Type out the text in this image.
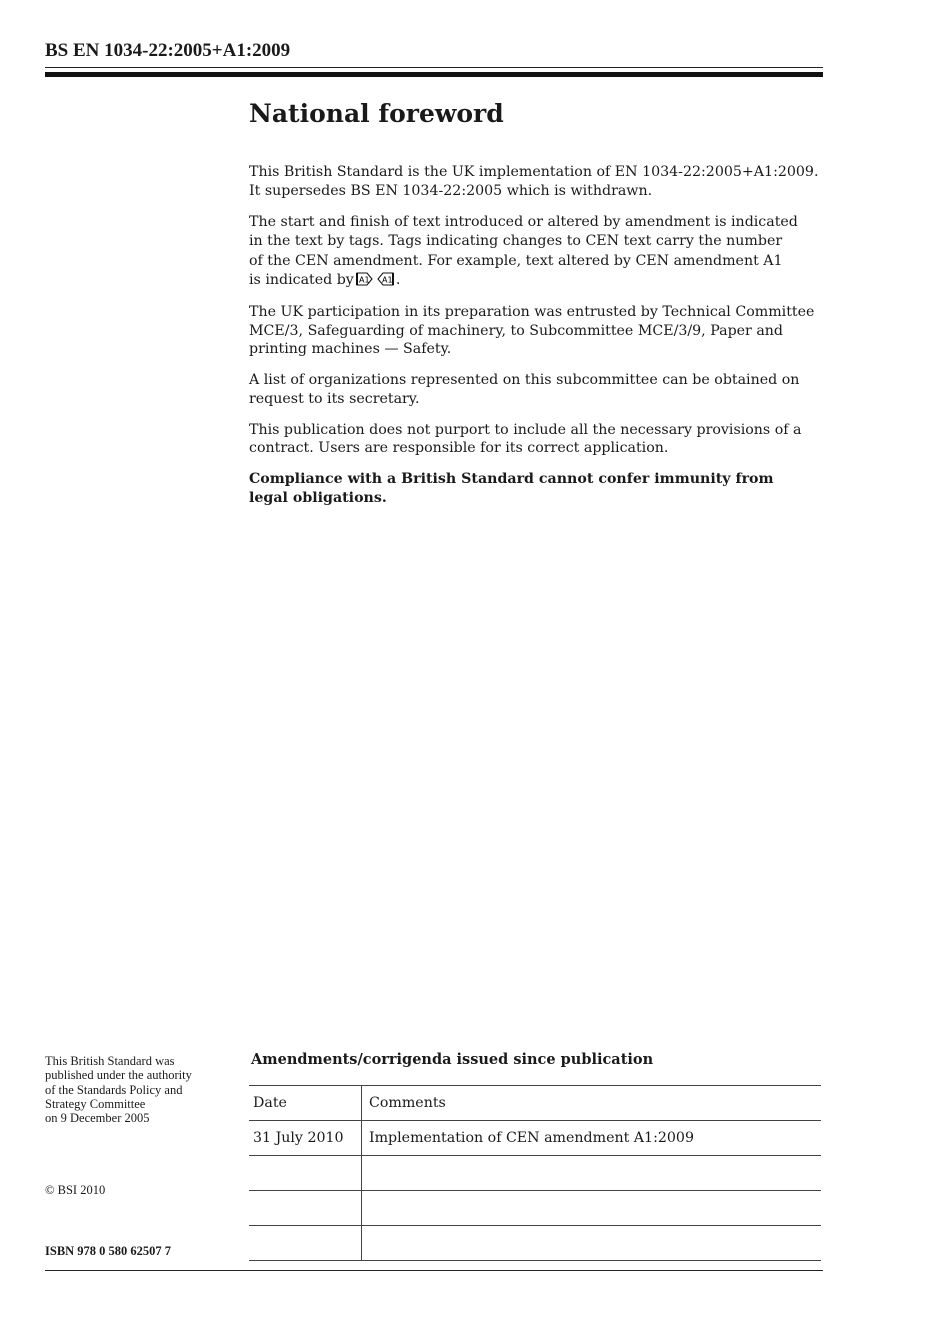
BS EN 1034-22:2005+A1:2009
National foreword

This British Standard is the UK implementation of EN 1034-22:2005+A1:2009.
It supersedes BS EN 1034-22:2005 which is withdrawn.

The start and finish of text introduced or altered by amendment is indicated
in the text by tags. Tags indicating changes to CEN text carry the number
of the CEN amendment. For example, text altered by CEN amendment A1
is indicated by A1 A1 .

The UK participation in its preparation was entrusted by Technical Committee
MCE/3, Safeguarding of machinery, to Subcommittee MCE/3/9, Paper and
printing machines — Safety.

A list of organizations represented on this subcommittee can be obtained on
request to its secretary.

This publication does not purport to include all the necessary provisions of a
contract. Users are responsible for its correct application.

Compliance with a British Standard cannot confer immunity from
legal obligations.

This British Standard was
published under the authority
of the Standards Policy and
Strategy Committee
on 9 December 2005
© BSI 2010
ISBN 978 0 580 62507 7
Amendments/corrigenda issued since publication
Date	Comments
31 July 2010	Implementation of CEN amendment A1:2009
